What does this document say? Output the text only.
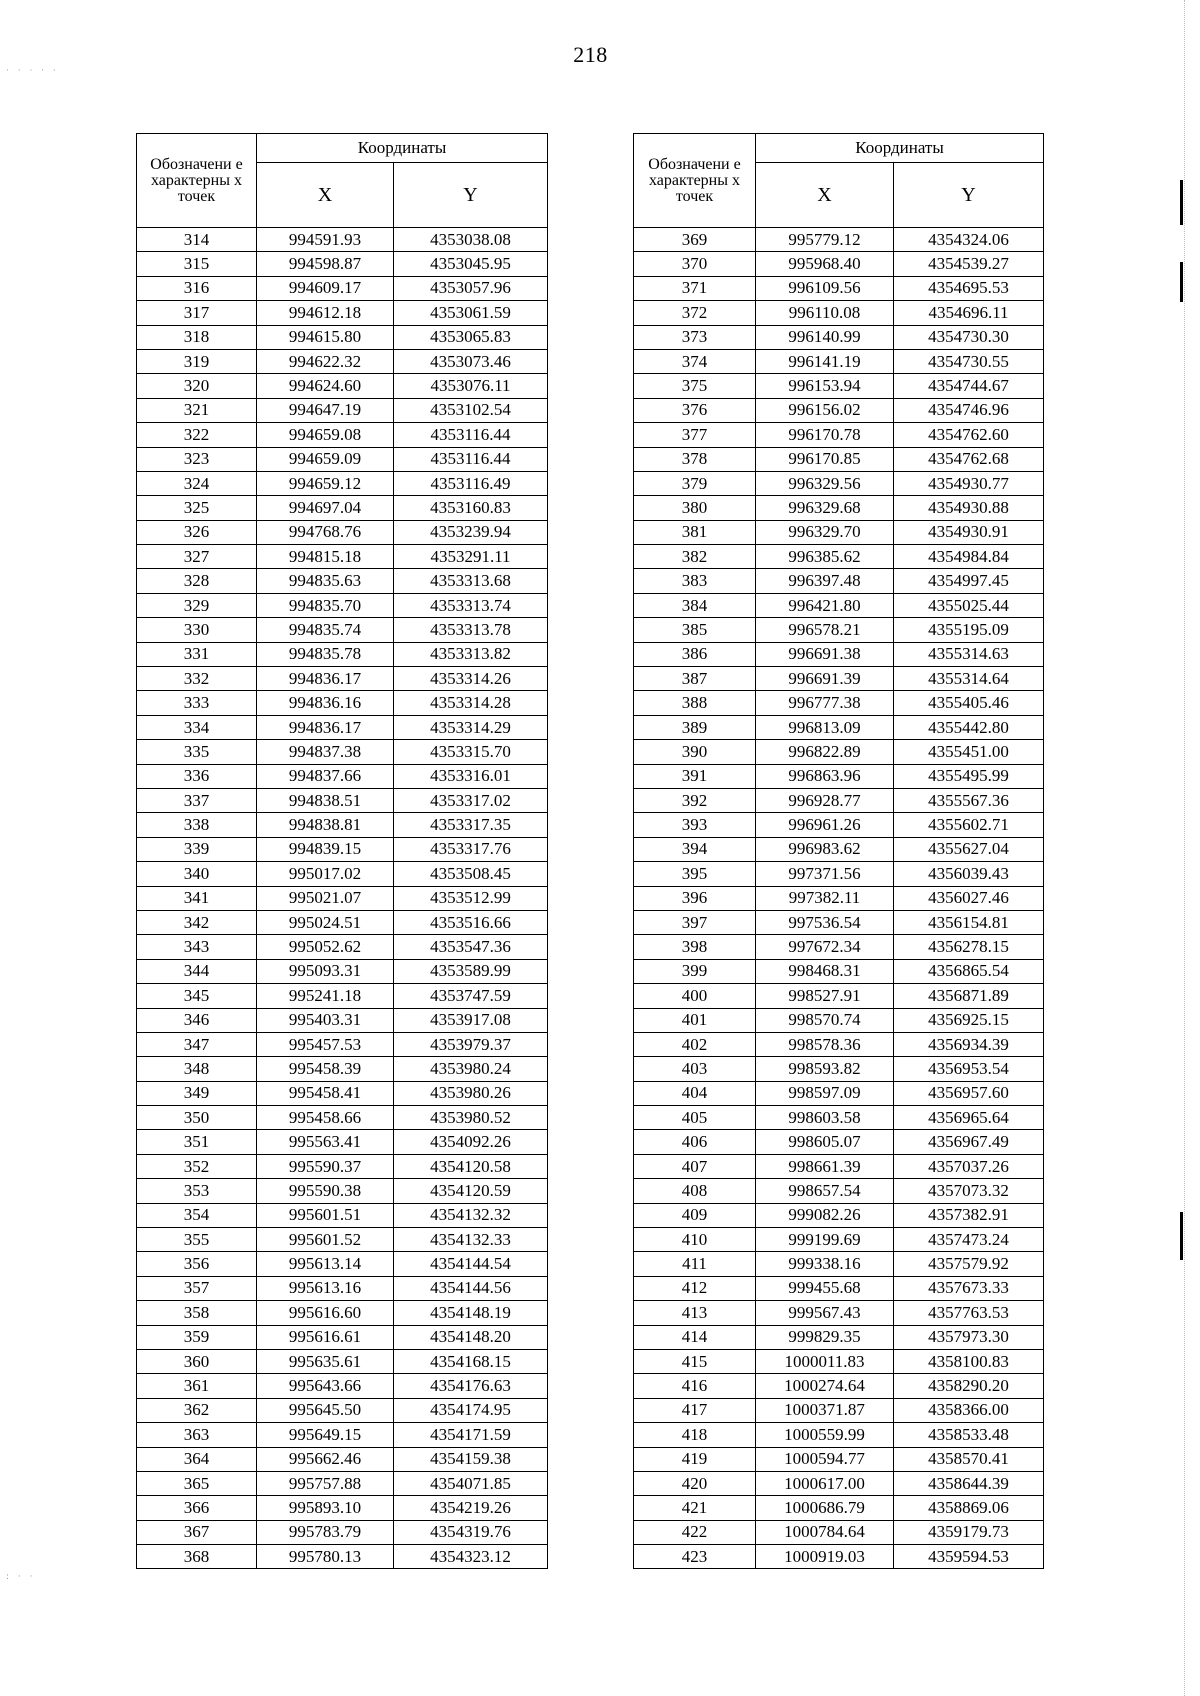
218
· · · · ·
: · ·
Обозначени е характерны х точек	Координаты	
	X	Y
314	994591.93	4353038.08
315	994598.87	4353045.95
316	994609.17	4353057.96
317	994612.18	4353061.59
318	994615.80	4353065.83
319	994622.32	4353073.46
320	994624.60	4353076.11
321	994647.19	4353102.54
322	994659.08	4353116.44
323	994659.09	4353116.44
324	994659.12	4353116.49
325	994697.04	4353160.83
326	994768.76	4353239.94
327	994815.18	4353291.11
328	994835.63	4353313.68
329	994835.70	4353313.74
330	994835.74	4353313.78
331	994835.78	4353313.82
332	994836.17	4353314.26
333	994836.16	4353314.28
334	994836.17	4353314.29
335	994837.38	4353315.70
336	994837.66	4353316.01
337	994838.51	4353317.02
338	994838.81	4353317.35
339	994839.15	4353317.76
340	995017.02	4353508.45
341	995021.07	4353512.99
342	995024.51	4353516.66
343	995052.62	4353547.36
344	995093.31	4353589.99
345	995241.18	4353747.59
346	995403.31	4353917.08
347	995457.53	4353979.37
348	995458.39	4353980.24
349	995458.41	4353980.26
350	995458.66	4353980.52
351	995563.41	4354092.26
352	995590.37	4354120.58
353	995590.38	4354120.59
354	995601.51	4354132.32
355	995601.52	4354132.33
356	995613.14	4354144.54
357	995613.16	4354144.56
358	995616.60	4354148.19
359	995616.61	4354148.20
360	995635.61	4354168.15
361	995643.66	4354176.63
362	995645.50	4354174.95
363	995649.15	4354171.59
364	995662.46	4354159.38
365	995757.88	4354071.85
366	995893.10	4354219.26
367	995783.79	4354319.76
368	995780.13	4354323.12
Обозначени е характерны х точек	Координаты	
	X	Y
369	995779.12	4354324.06
370	995968.40	4354539.27
371	996109.56	4354695.53
372	996110.08	4354696.11
373	996140.99	4354730.30
374	996141.19	4354730.55
375	996153.94	4354744.67
376	996156.02	4354746.96
377	996170.78	4354762.60
378	996170.85	4354762.68
379	996329.56	4354930.77
380	996329.68	4354930.88
381	996329.70	4354930.91
382	996385.62	4354984.84
383	996397.48	4354997.45
384	996421.80	4355025.44
385	996578.21	4355195.09
386	996691.38	4355314.63
387	996691.39	4355314.64
388	996777.38	4355405.46
389	996813.09	4355442.80
390	996822.89	4355451.00
391	996863.96	4355495.99
392	996928.77	4355567.36
393	996961.26	4355602.71
394	996983.62	4355627.04
395	997371.56	4356039.43
396	997382.11	4356027.46
397	997536.54	4356154.81
398	997672.34	4356278.15
399	998468.31	4356865.54
400	998527.91	4356871.89
401	998570.74	4356925.15
402	998578.36	4356934.39
403	998593.82	4356953.54
404	998597.09	4356957.60
405	998603.58	4356965.64
406	998605.07	4356967.49
407	998661.39	4357037.26
408	998657.54	4357073.32
409	999082.26	4357382.91
410	999199.69	4357473.24
411	999338.16	4357579.92
412	999455.68	4357673.33
413	999567.43	4357763.53
414	999829.35	4357973.30
415	1000011.83	4358100.83
416	1000274.64	4358290.20
417	1000371.87	4358366.00
418	1000559.99	4358533.48
419	1000594.77	4358570.41
420	1000617.00	4358644.39
421	1000686.79	4358869.06
422	1000784.64	4359179.73
423	1000919.03	4359594.53
